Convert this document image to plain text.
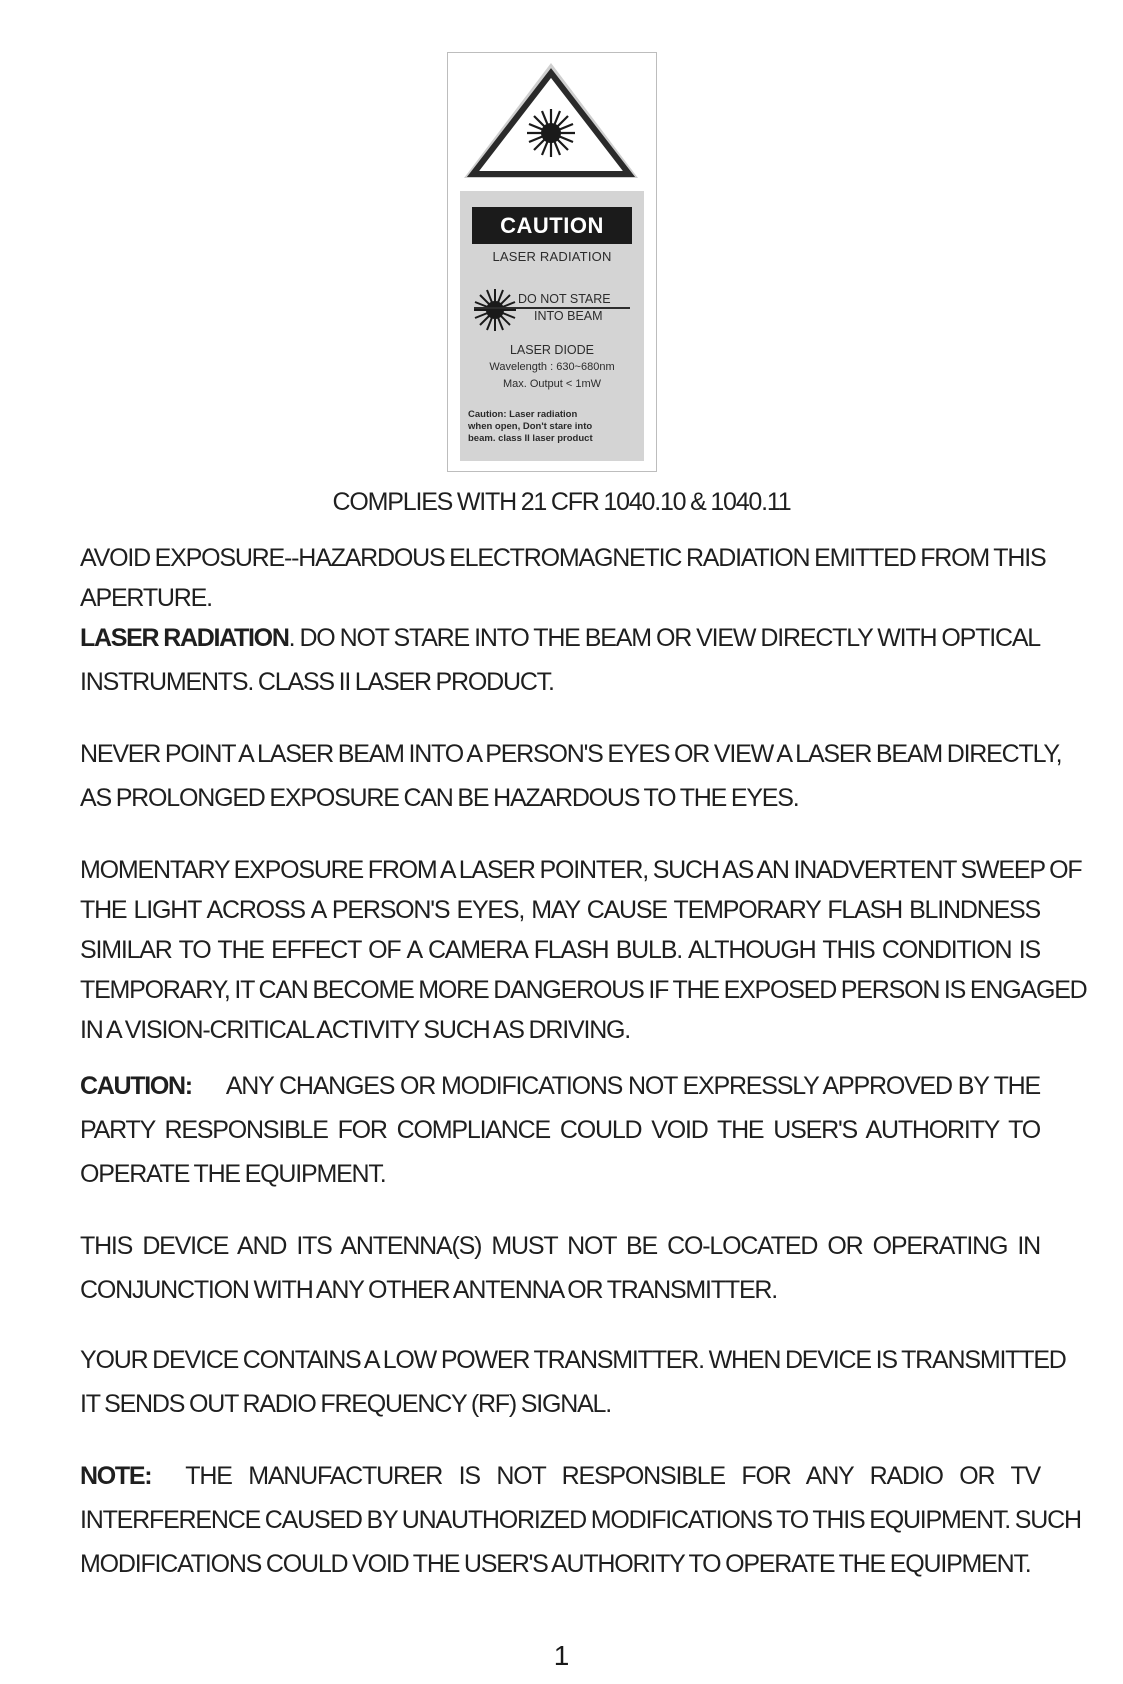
CAUTION
LASER RADIATION
DO NOT STARE
INTO BEAM
LASER DIODE
Wavelength : 630~680nm
Max. Output < 1mW
Caution: Laser radiation
when open, Don't stare into
beam. class II laser product
COMPLIES WITH 21 CFR 1040.10 & 1040.11
AVOID EXPOSURE--HAZARDOUS ELECTROMAGNETIC RADIATION EMITTED FROM THIS
APERTURE.
LASER RADIATION. DO NOT STARE INTO THE BEAM OR VIEW DIRECTLY WITH OPTICAL
INSTRUMENTS. CLASS II LASER PRODUCT.
NEVER POINT A LASER BEAM INTO A PERSON'S EYES OR VIEW A LASER BEAM DIRECTLY,
AS PROLONGED EXPOSURE CAN BE HAZARDOUS TO THE EYES.
MOMENTARY EXPOSURE FROM A LASER POINTER, SUCH AS AN INADVERTENT SWEEP OF
THE LIGHT ACROSS A PERSON'S EYES, MAY CAUSE TEMPORARY FLASH BLINDNESS
SIMILAR TO THE EFFECT OF A CAMERA FLASH BULB. ALTHOUGH THIS CONDITION IS
TEMPORARY, IT CAN BECOME MORE DANGEROUS IF THE EXPOSED PERSON IS ENGAGED
IN A VISION-CRITICAL ACTIVITY SUCH AS DRIVING.
CAUTION: ANY CHANGES OR MODIFICATIONS NOT EXPRESSLY APPROVED BY THE
PARTY RESPONSIBLE FOR COMPLIANCE COULD VOID THE USER'S AUTHORITY TO
OPERATE THE EQUIPMENT.
THIS DEVICE AND ITS ANTENNA(S) MUST NOT BE CO-LOCATED OR OPERATING IN
CONJUNCTION WITH ANY OTHER ANTENNA OR TRANSMITTER.
YOUR DEVICE CONTAINS A LOW POWER TRANSMITTER. WHEN DEVICE IS TRANSMITTED
IT SENDS OUT RADIO FREQUENCY (RF) SIGNAL.
NOTE: THE MANUFACTURER IS NOT RESPONSIBLE FOR ANY RADIO OR TV
INTERFERENCE CAUSED BY UNAUTHORIZED MODIFICATIONS TO THIS EQUIPMENT. SUCH
MODIFICATIONS COULD VOID THE USER'S AUTHORITY TO OPERATE THE EQUIPMENT.
1
